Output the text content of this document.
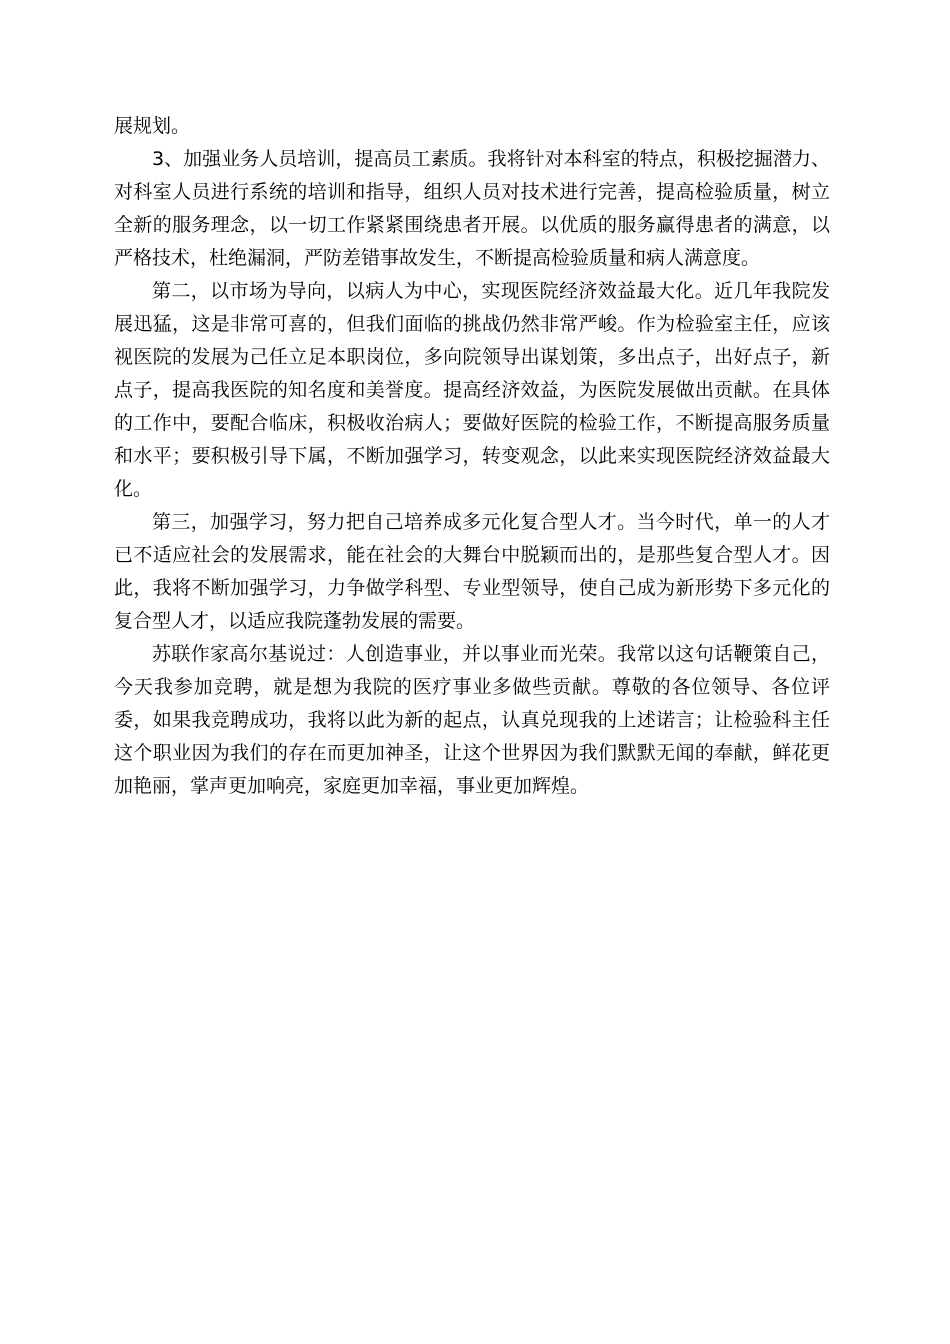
展规划。

3、加强业务人员培训，提高员工素质。我将针对本科室的特点，积极挖掘潜力、对科室人员进行系统的培训和指导，组织人员对技术进行完善，提高检验质量，树立全新的服务理念，以一切工作紧紧围绕患者开展。以优质的服务赢得患者的满意，以严格技术，杜绝漏洞，严防差错事故发生，不断提高检验质量和病人满意度。

第二，以市场为导向，以病人为中心，实现医院经济效益最大化。近几年我院发展迅猛，这是非常可喜的，但我们面临的挑战仍然非常严峻。作为检验室主任，应该视医院的发展为己任立足本职岗位，多向院领导出谋划策，多出点子，出好点子，新点子，提高我医院的知名度和美誉度。提高经济效益，为医院发展做出贡献。在具体的工作中，要配合临床，积极收治病人；要做好医院的检验工作，不断提高服务质量和水平；要积极引导下属，不断加强学习，转变观念，以此来实现医院经济效益最大化。

第三，加强学习，努力把自己培养成多元化复合型人才。当今时代，单一的人才已不适应社会的发展需求，能在社会的大舞台中脱颖而出的，是那些复合型人才。因此，我将不断加强学习，力争做学科型、专业型领导，使自己成为新形势下多元化的复合型人才，以适应我院蓬勃发展的需要。

苏联作家高尔基说过：人创造事业，并以事业而光荣。我常以这句话鞭策自己，今天我参加竞聘，就是想为我院的医疗事业多做些贡献。尊敬的各位领导、各位评委，如果我竞聘成功，我将以此为新的起点，认真兑现我的上述诺言；让检验科主任这个职业因为我们的存在而更加神圣，让这个世界因为我们默默无闻的奉献，鲜花更加艳丽，掌声更加响亮，家庭更加幸福，事业更加辉煌。
